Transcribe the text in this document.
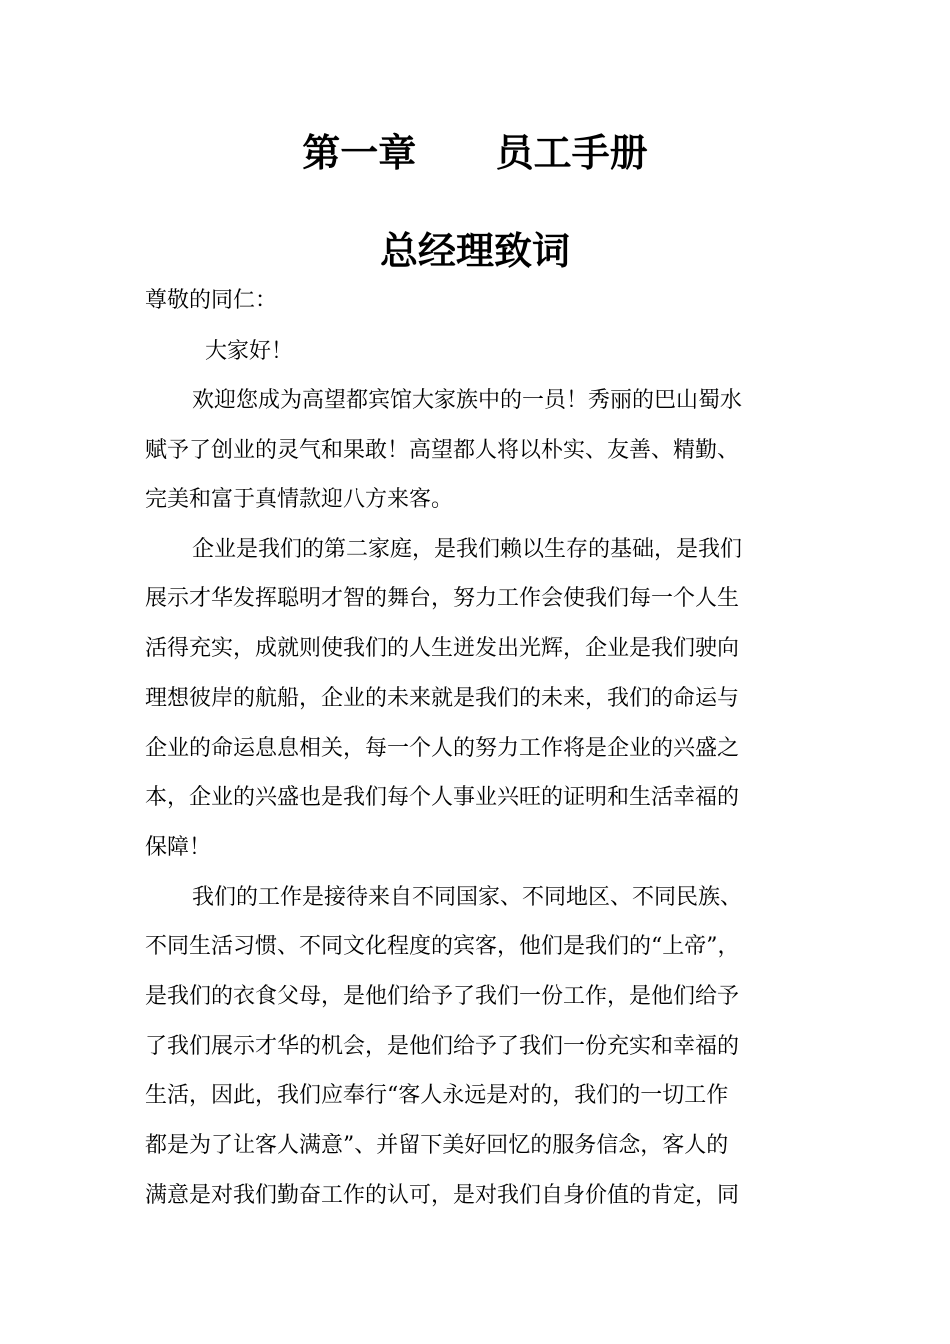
第一章      员工手册
总经理致词
尊敬的同仁：
大家好！
欢迎您成为高望都宾馆大家族中的一员！秀丽的巴山蜀水
赋予了创业的灵气和果敢！高望都人将以朴实、友善、精勤、
完美和富于真情款迎八方来客。
企业是我们的第二家庭，是我们赖以生存的基础，是我们
展示才华发挥聪明才智的舞台，努力工作会使我们每一个人生
活得充实，成就则使我们的人生迸发出光辉，企业是我们驶向
理想彼岸的航船，企业的未来就是我们的未来，我们的命运与
企业的命运息息相关，每一个人的努力工作将是企业的兴盛之
本，企业的兴盛也是我们每个人事业兴旺的证明和生活幸福的
保障！
我们的工作是接待来自不同国家、不同地区、不同民族、
不同生活习惯、不同文化程度的宾客，他们是我们的“上帝”，
是我们的衣食父母，是他们给予了我们一份工作，是他们给予
了我们展示才华的机会，是他们给予了我们一份充实和幸福的
生活，因此，我们应奉行“客人永远是对的，我们的一切工作
都是为了让客人满意”、并留下美好回忆的服务信念，客人的
满意是对我们勤奋工作的认可，是对我们自身价值的肯定，同
